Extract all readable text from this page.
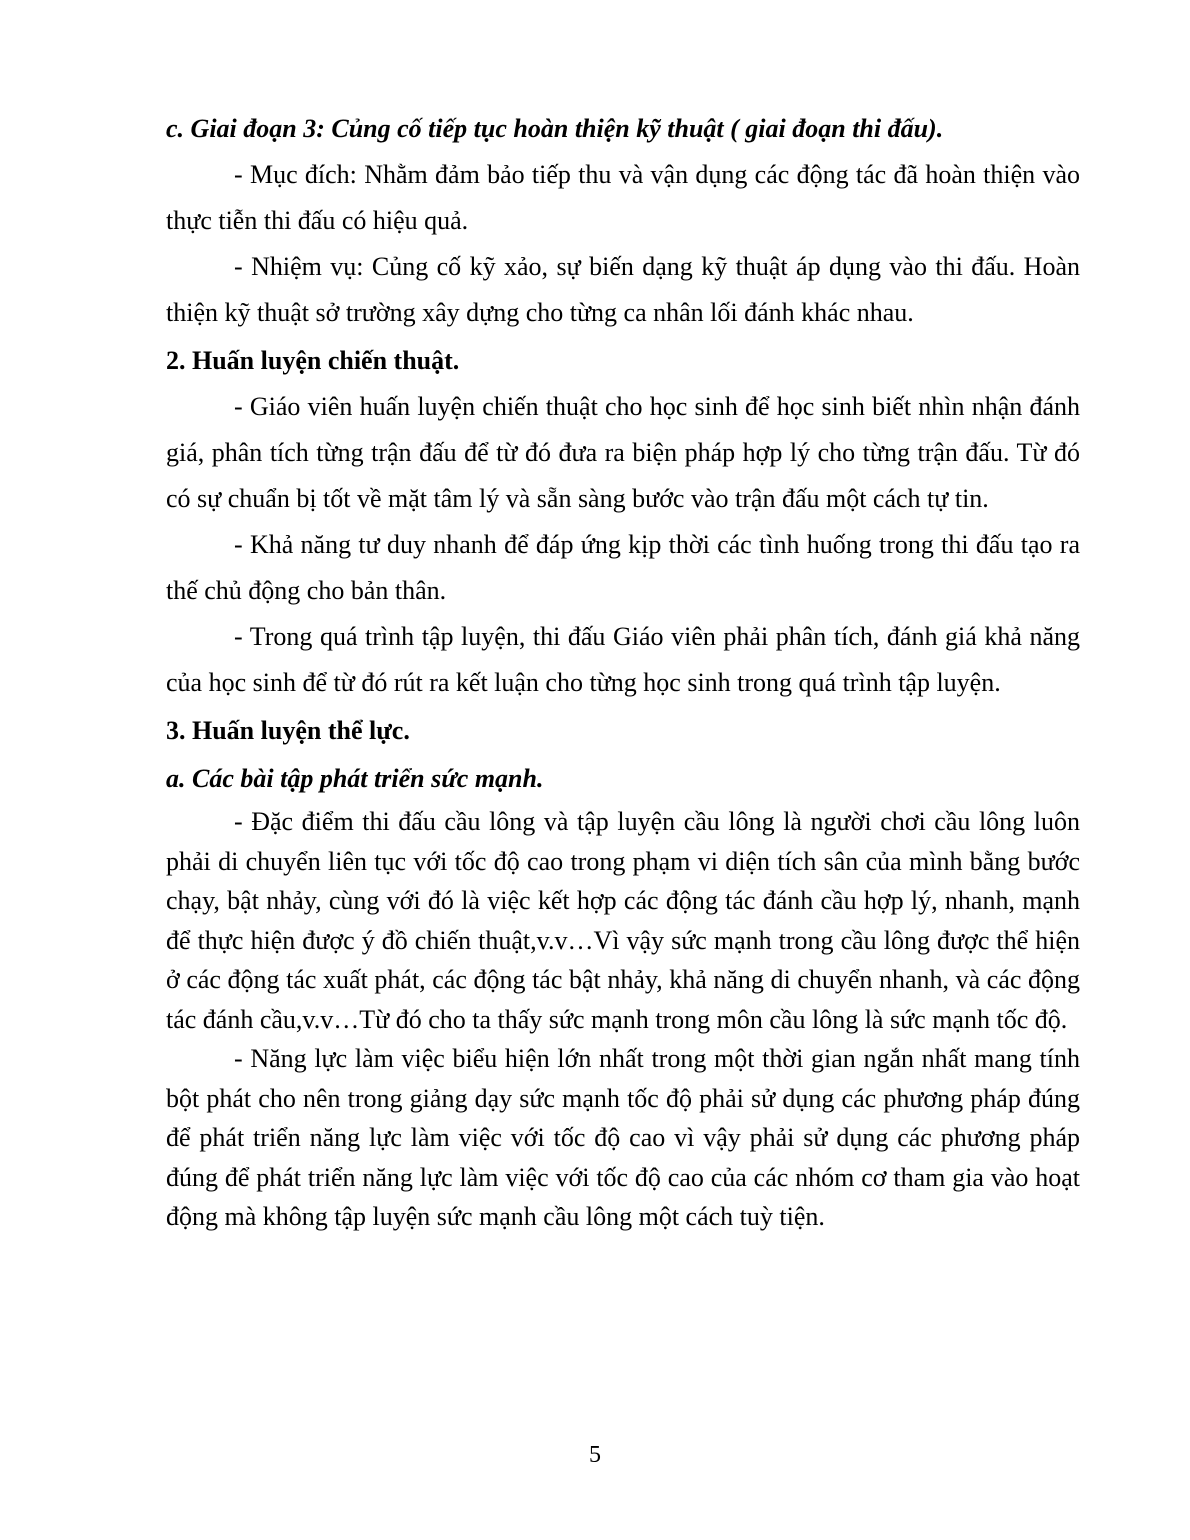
c. Giai đoạn 3: Củng cố tiếp tục hoàn thiện kỹ thuật ( giai đoạn thi đấu).

- Mục đích: Nhằm đảm bảo tiếp thu và vận dụng các động tác đã hoàn thiện vào thực tiễn thi đấu có hiệu quả.

- Nhiệm vụ: Củng cố kỹ xảo, sự biến dạng kỹ thuật áp dụng vào thi đấu. Hoàn thiện kỹ thuật sở trường xây dựng cho từng ca nhân lối đánh khác nhau.

2. Huấn luyện chiến thuật.

- Giáo viên huấn luyện chiến thuật cho học sinh để học sinh biết nhìn nhận đánh giá, phân tích từng trận đấu để từ đó đưa ra biện pháp hợp lý cho từng trận đấu. Từ đó có sự chuẩn bị tốt về mặt tâm lý và sẵn sàng bước vào trận đấu một cách tự tin.

- Khả năng tư duy nhanh để đáp ứng kịp thời các tình huống trong thi đấu tạo ra thế chủ động cho bản thân.

- Trong quá trình tập luyện, thi đấu Giáo viên phải phân tích, đánh giá khả năng của học sinh để từ đó rút ra kết luận cho từng học sinh trong quá trình tập luyện.

3. Huấn luyện thể lực.
a. Các bài tập phát triển sức mạnh.

- Đặc điểm thi đấu cầu lông và tập luyện cầu lông là người chơi cầu lông luôn phải di chuyển liên tục với tốc độ cao trong phạm vi diện tích sân của mình bằng bước chạy, bật nhảy, cùng với đó là việc kết hợp các động tác đánh cầu hợp lý, nhanh, mạnh để thực hiện được ý đồ chiến thuật,v.v…Vì vậy sức mạnh trong cầu lông được thể hiện ở các động tác xuất phát, các động tác bật nhảy, khả năng di chuyển nhanh, và các động tác đánh cầu,v.v…Từ đó cho ta thấy sức mạnh trong môn cầu lông là sức mạnh tốc độ.

- Năng lực làm việc biểu hiện lớn nhất trong một thời gian ngắn nhất mang tính bột phát cho nên trong giảng dạy sức mạnh tốc độ phải sử dụng các phương pháp đúng để phát triển năng lực làm việc với tốc độ cao vì vậy phải sử dụng các phương pháp đúng để phát triển năng lực làm việc với tốc độ cao của các nhóm cơ tham gia vào hoạt động mà không tập luyện sức mạnh cầu lông một cách tuỳ tiện.

5
